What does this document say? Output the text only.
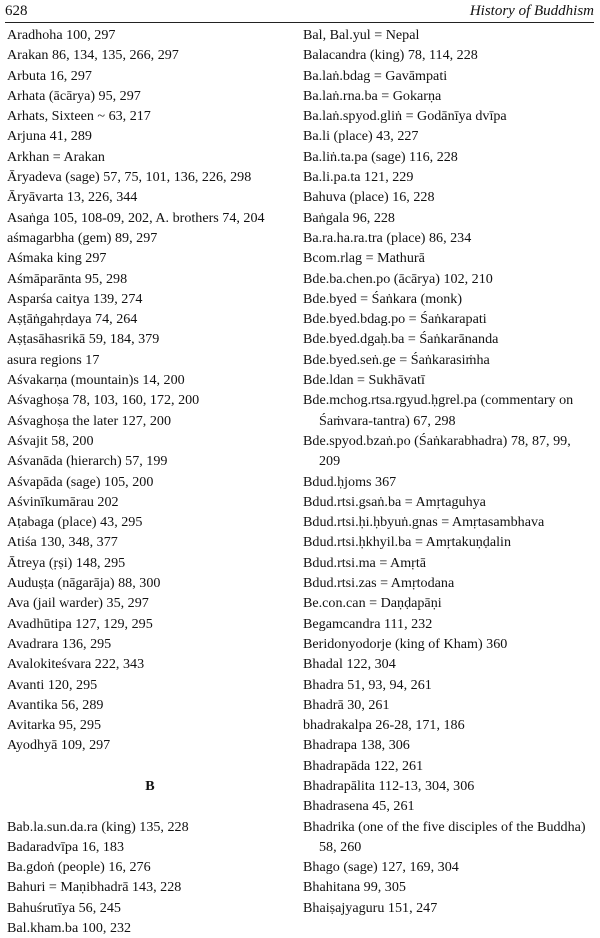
628	History of Buddhism
Aradhoha 100, 297
Arakan 86, 134, 135, 266, 297
Arbuta 16, 297
Arhata (ācārya) 95, 297
Arhats, Sixteen ~ 63, 217
Arjuna 41, 289
Arkhan = Arakan
Āryadeva (sage) 57, 75, 101, 136, 226, 298
Āryāvarta 13, 226, 344
Asaṅga 105, 108-09, 202, A. brothers 74, 204
aśmagarbha (gem) 89, 297
Aśmaka king 297
Aśmāparānta 95, 298
Asparśa caitya 139, 274
Aṣṭāṅgahṛdaya 74, 264
Aṣṭasāhasrikā 59, 184, 379
asura regions 17
Aśvakarṇa (mountain)s 14, 200
Aśvaghoṣa 78, 103, 160, 172, 200
Aśvaghoṣa the later 127, 200
Aśvajit 58, 200
Aśvanāda (hierarch) 57, 199
Aśvapāda (sage) 105, 200
Aśvinīkumārau 202
Aṭabaga (place) 43, 295
Atiśa 130, 348, 377
Ātreya (ṛṣi) 148, 295
Auduṣṭa (nāgarāja) 88, 300
Ava (jail warder) 35, 297
Avadhūtipa 127, 129, 295
Avadrara 136, 295
Avalokiteśvara 222, 343
Avanti 120, 295
Avantika 56, 289
Avitarka 95, 295
Ayodhyā 109, 297
B
Bab.la.sun.da.ra (king) 135, 228
Badaradvīpa 16, 183
Ba.gdoṅ (people) 16, 276
Bahuri = Maṇibhadrā 143, 228
Bahuśrutīya 56, 245
Bal.kham.ba 100, 232
Bal, Bal.yul = Nepal
Balacandra (king) 78, 114, 228
Ba.laṅ.bdag = Gavāmpati
Ba.laṅ.rna.ba = Gokarṇa
Ba.laṅ.spyod.gliṅ = Godānīya dvīpa
Ba.li (place) 43, 227
Ba.liṅ.ta.pa (sage) 116, 228
Ba.li.pa.ta 121, 229
Bahuva (place) 16, 228
Baṅgala 96, 228
Ba.ra.ha.ra.tra (place) 86, 234
Bcom.rlag = Mathurā
Bde.ba.chen.po (ācārya) 102, 210
Bde.byed = Śaṅkara (monk)
Bde.byed.bdag.po = Śaṅkarapati
Bde.byed.dgaḥ.ba = Śaṅkarānanda
Bde.byed.seṅ.ge = Śaṅkarasiṁha
Bde.ldan = Sukhāvatī
Bde.mchog.rtsa.rgyud.ḥgrel.pa (commentary on Śaṁvara-tantra) 67, 298
Bde.spyod.bzaṅ.po (Śaṅkarabhadra) 78, 87, 99, 209
Bdud.ḥjoms 367
Bdud.rtsi.gsaṅ.ba = Amṛtaguhya
Bdud.rtsi.ḥi.ḥbyuṅ.gnas = Amṛtasambhava
Bdud.rtsi.ḥkhyil.ba = Amṛtakuṇḍalin
Bdud.rtsi.ma = Amṛtā
Bdud.rtsi.zas = Amṛtodana
Be.con.can = Daṇḍapāṇi
Begamcandra 111, 232
Beridonyodorje (king of Kham) 360
Bhadal 122, 304
Bhadra 51, 93, 94, 261
Bhadrā 30, 261
bhadrakalpa 26-28, 171, 186
Bhadrapa 138, 306
Bhadrapāda 122, 261
Bhadrapālita 112-13, 304, 306
Bhadrasena 45, 261
Bhadrika (one of the five disciples of the Buddha) 58, 260
Bhago (sage) 127, 169, 304
Bhahitana 99, 305
Bhaiṣajyaguru 151, 247
